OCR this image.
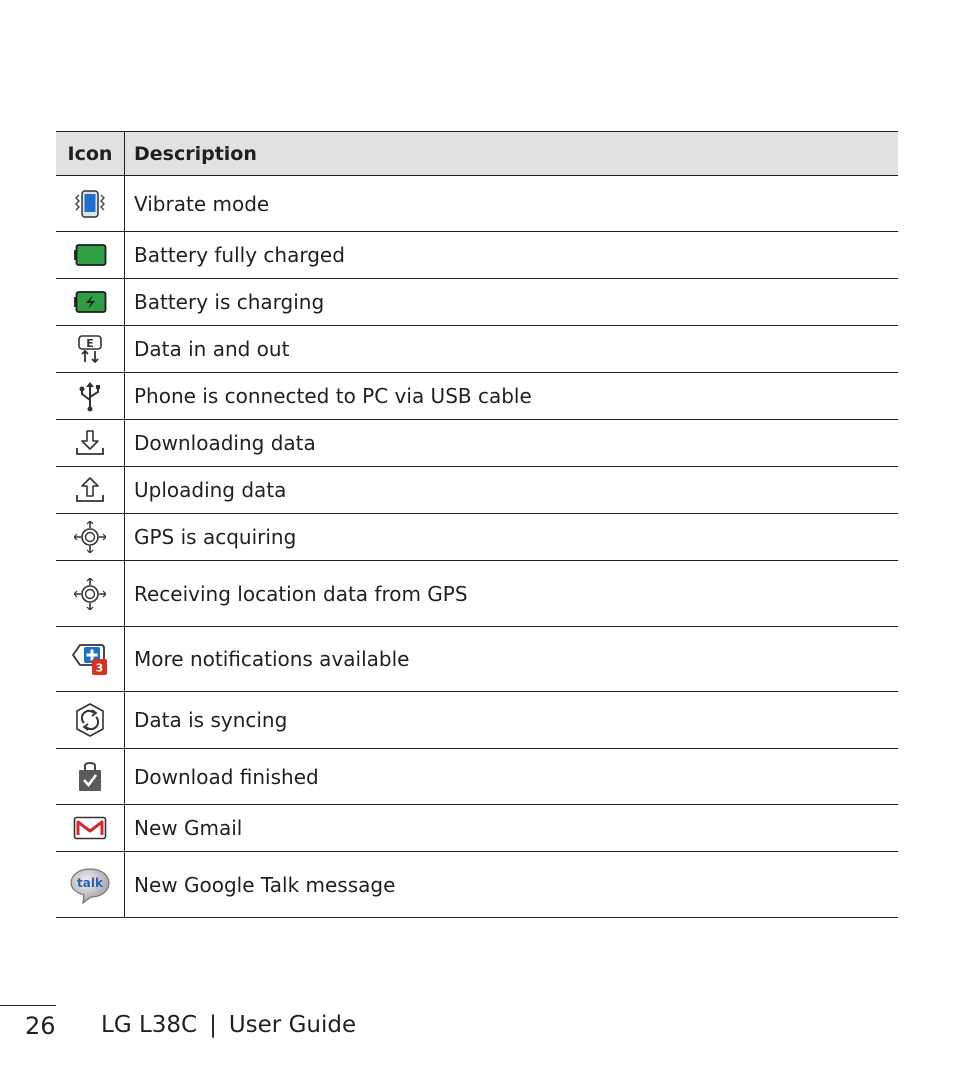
Icon	Description

	Vibrate mode

	Battery fully charged

	Battery is charging

E	Data in and out

	Phone is connected to PC via USB cable

	Downloading data

	Uploading data

	GPS is acquiring

	Receiving location data from GPS

3	More notifications available

	Data is syncing

	Download finished

	New Gmail

talk	New Google Talk message
26 LG L38C | User Guide
